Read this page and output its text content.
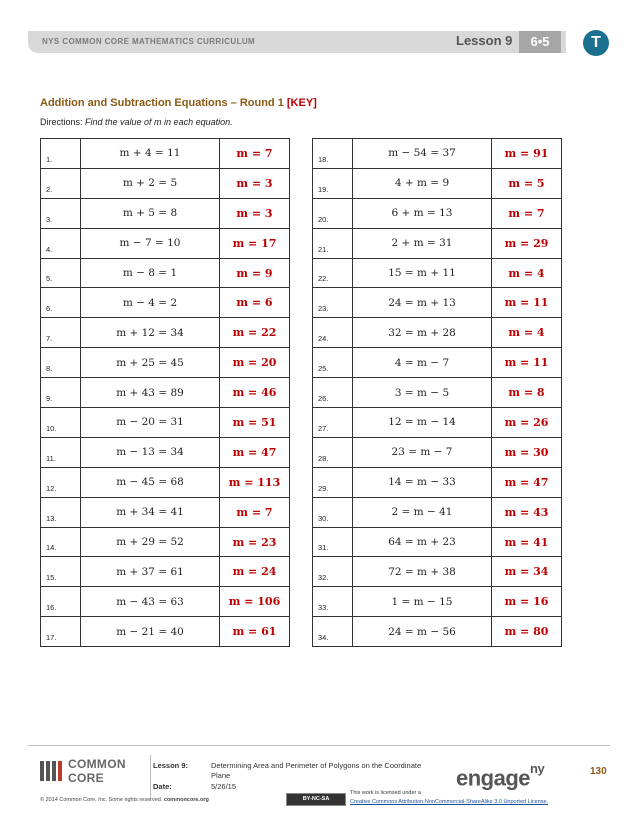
NYS COMMON CORE MATHEMATICS CURRICULUM	Lesson 9	6•5	T
Addition and Subtraction Equations – Round 1 [KEY]
Directions: Find the value of m in each equation.
1.	m + 4 = 11	m = 7
2.	m + 2 = 5	m = 3
3.	m + 5 = 8	m = 3
4.	m − 7 = 10	m = 17
5.	m − 8 = 1	m = 9
6.	m − 4 = 2	m = 6
7.	m + 12 = 34	m = 22
8.	m + 25 = 45	m = 20
9.	m + 43 = 89	m = 46
10.	m − 20 = 31	m = 51
11.	m − 13 = 34	m = 47
12.	m − 45 = 68	m = 113
13.	m + 34 = 41	m = 7
14.	m + 29 = 52	m = 23
15.	m + 37 = 61	m = 24
16.	m − 43 = 63	m = 106
17.	m − 21 = 40	m = 61
18.	m − 54 = 37	m = 91
19.	4 + m = 9	m = 5
20.	6 + m = 13	m = 7
21.	2 + m = 31	m = 29
22.	15 = m + 11	m = 4
23.	24 = m + 13	m = 11
24.	32 = m + 28	m = 4
25.	4 = m − 7	m = 11
26.	3 = m − 5	m = 8
27.	12 = m − 14	m = 26
28.	23 = m − 7	m = 30
29.	14 = m − 33	m = 47
30.	2 = m − 41	m = 43
31.	64 = m + 23	m = 41
32.	72 = m + 38	m = 34
33.	1 = m − 15	m = 16
34.	24 = m − 56	m = 80
COMMON
CORE
Lesson 9:	Determining Area and Perimeter of Polygons on the Coordinate
Plane
Date:	5/26/15	engage$^{ny}$	130
© 2014 Common Core, Inc. Some rights reserved. commoncore.org	BY-NC-SA
This work is licensed under a
Creative Commons Attribution-NonCommercial-ShareAlike 3.0 Unported License.
